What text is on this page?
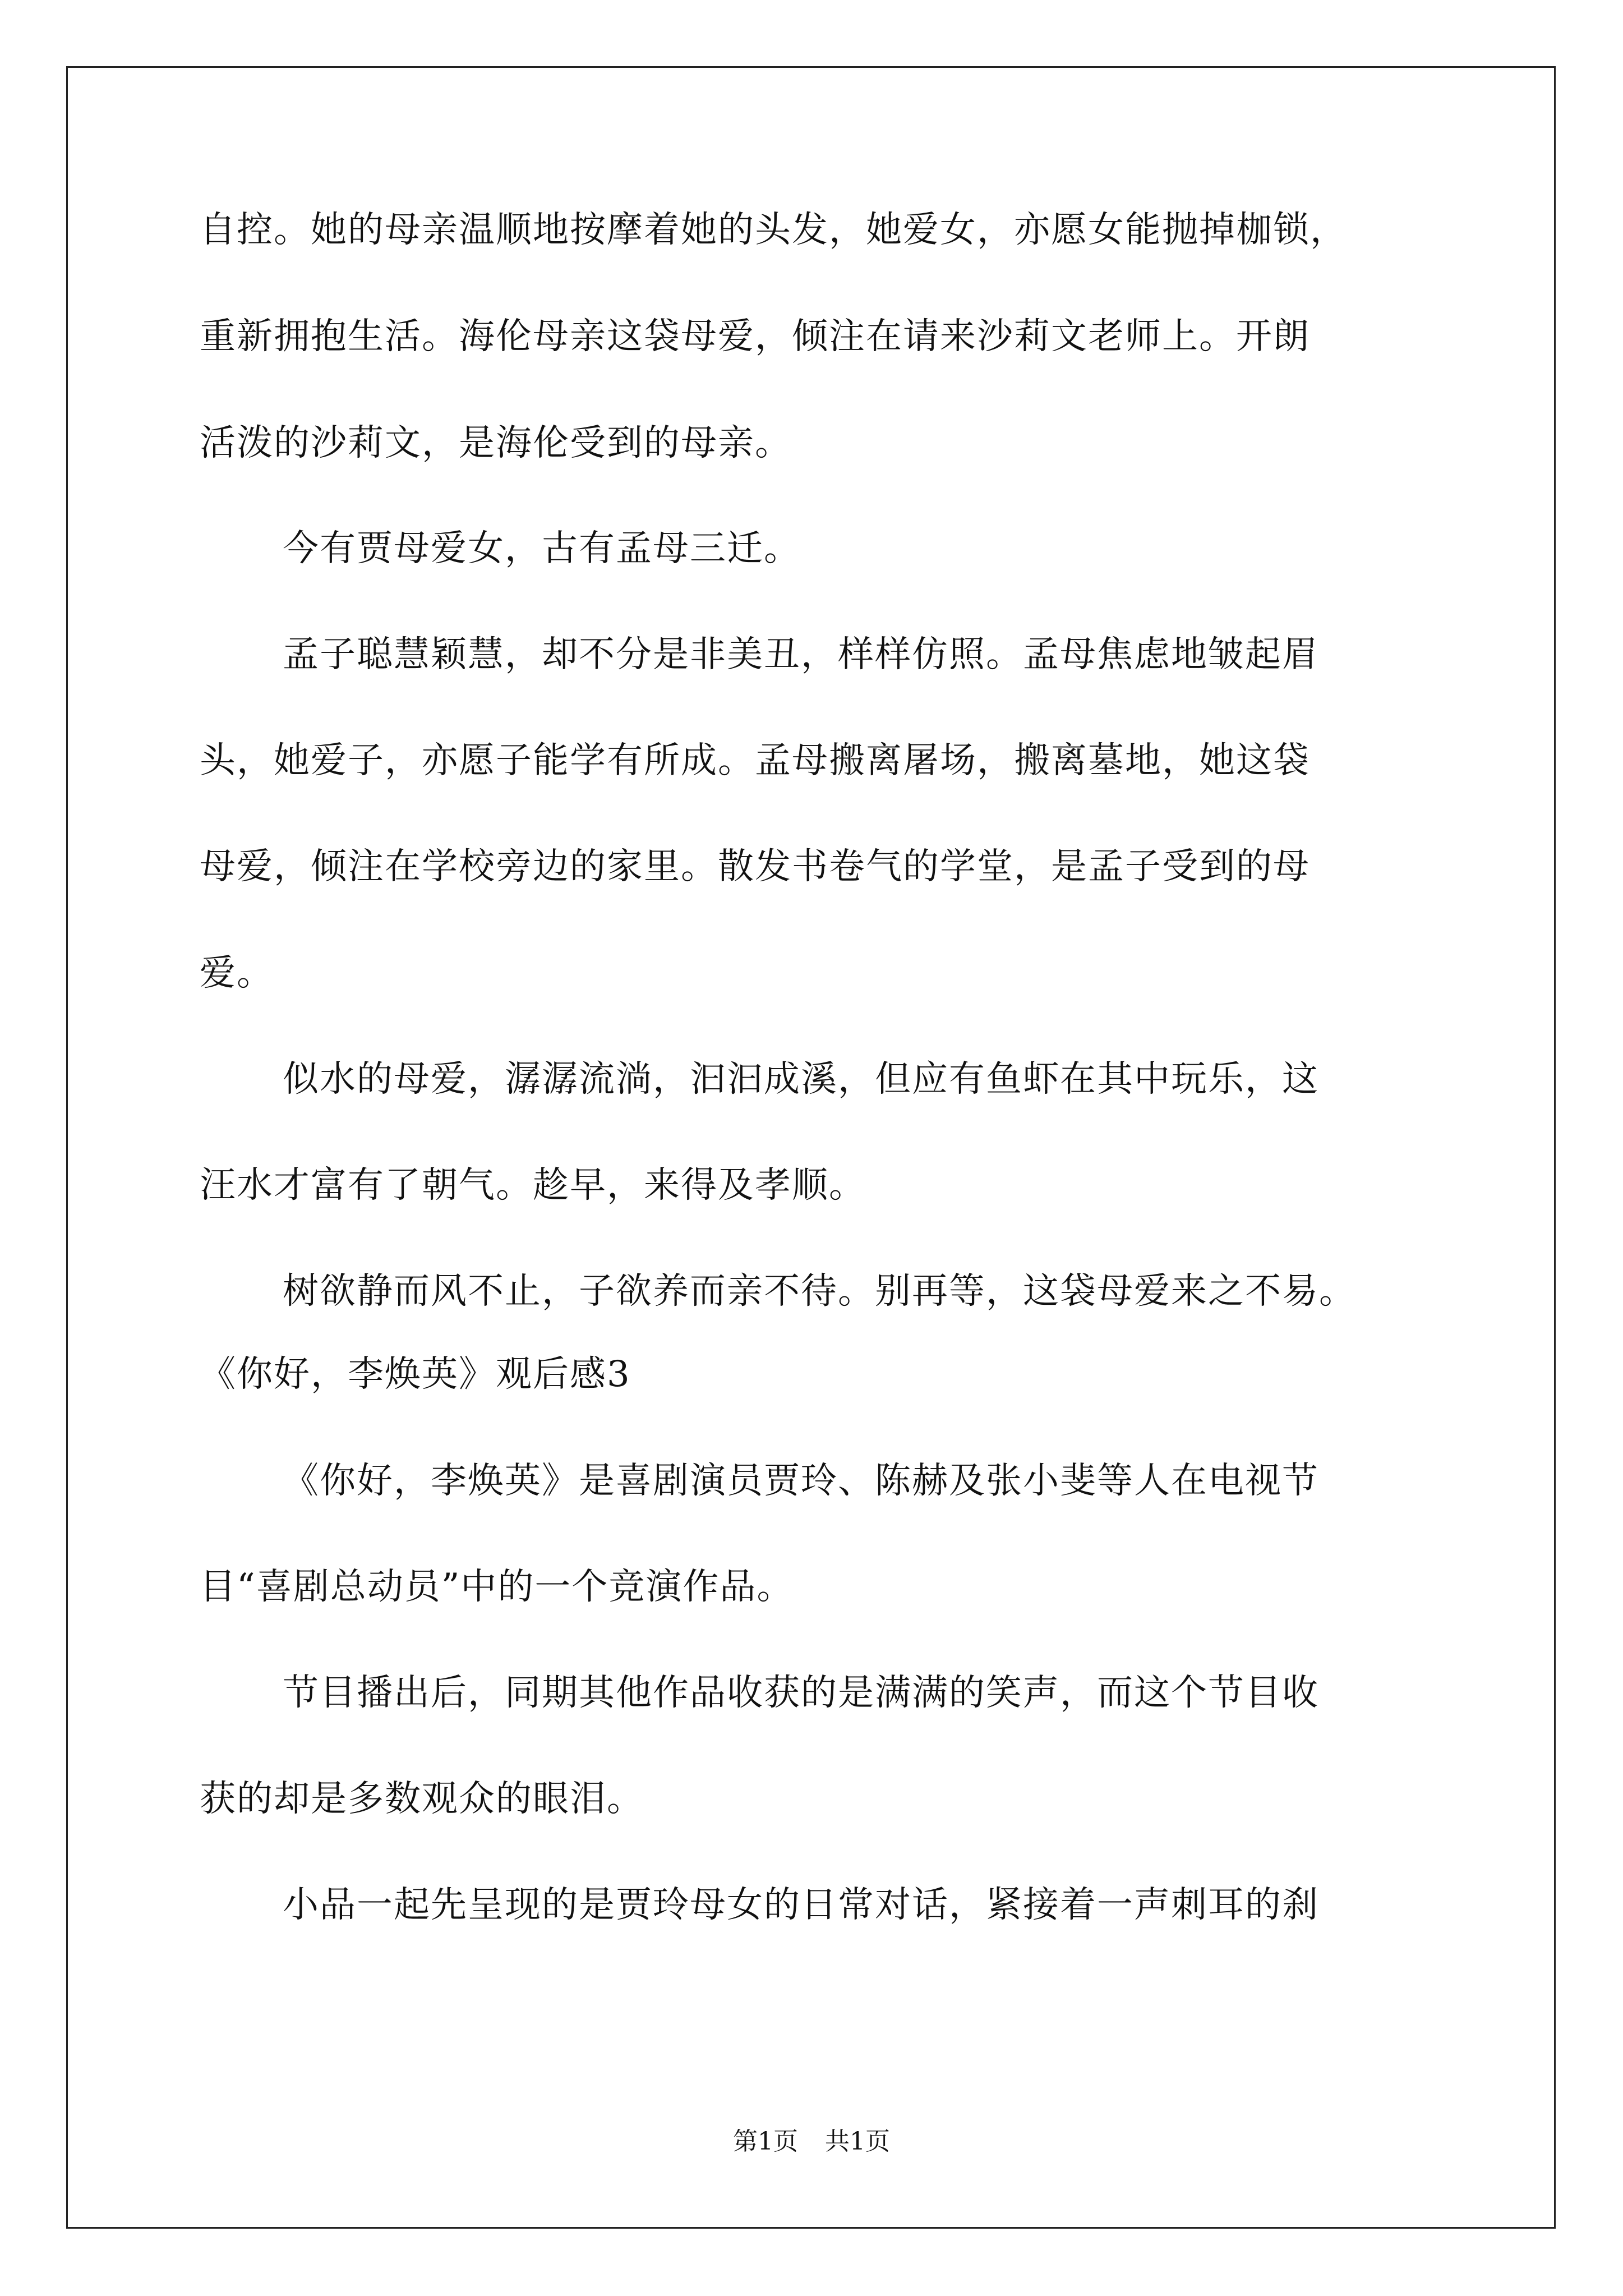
自控。她的母亲温顺地按摩着她的头发，她爱女，亦愿女能抛掉枷锁，
重新拥抱生活。海伦母亲这袋母爱，倾注在请来沙莉文老师上。开朗
活泼的沙莉文，是海伦受到的母亲。
今有贾母爱女，古有孟母三迁。
孟子聪慧颖慧，却不分是非美丑，样样仿照。孟母焦虑地皱起眉
头，她爱子，亦愿子能学有所成。孟母搬离屠场，搬离墓地，她这袋
母爱，倾注在学校旁边的家里。散发书卷气的学堂，是孟子受到的母
爱。
似水的母爱，潺潺流淌，汩汩成溪，但应有鱼虾在其中玩乐，这
汪水才富有了朝气。趁早，来得及孝顺。
树欲静而风不止，子欲养而亲不待。别再等，这袋母爱来之不易。
《你好，李焕英》观后感3
《你好，李焕英》是喜剧演员贾玲、陈赫及张小斐等人在电视节
目“喜剧总动员”中的一个竞演作品。
节目播出后，同期其他作品收获的是满满的笑声，而这个节目收
获的却是多数观众的眼泪。
小品一起先呈现的是贾玲母女的日常对话，紧接着一声刺耳的刹
第1页 共1页
